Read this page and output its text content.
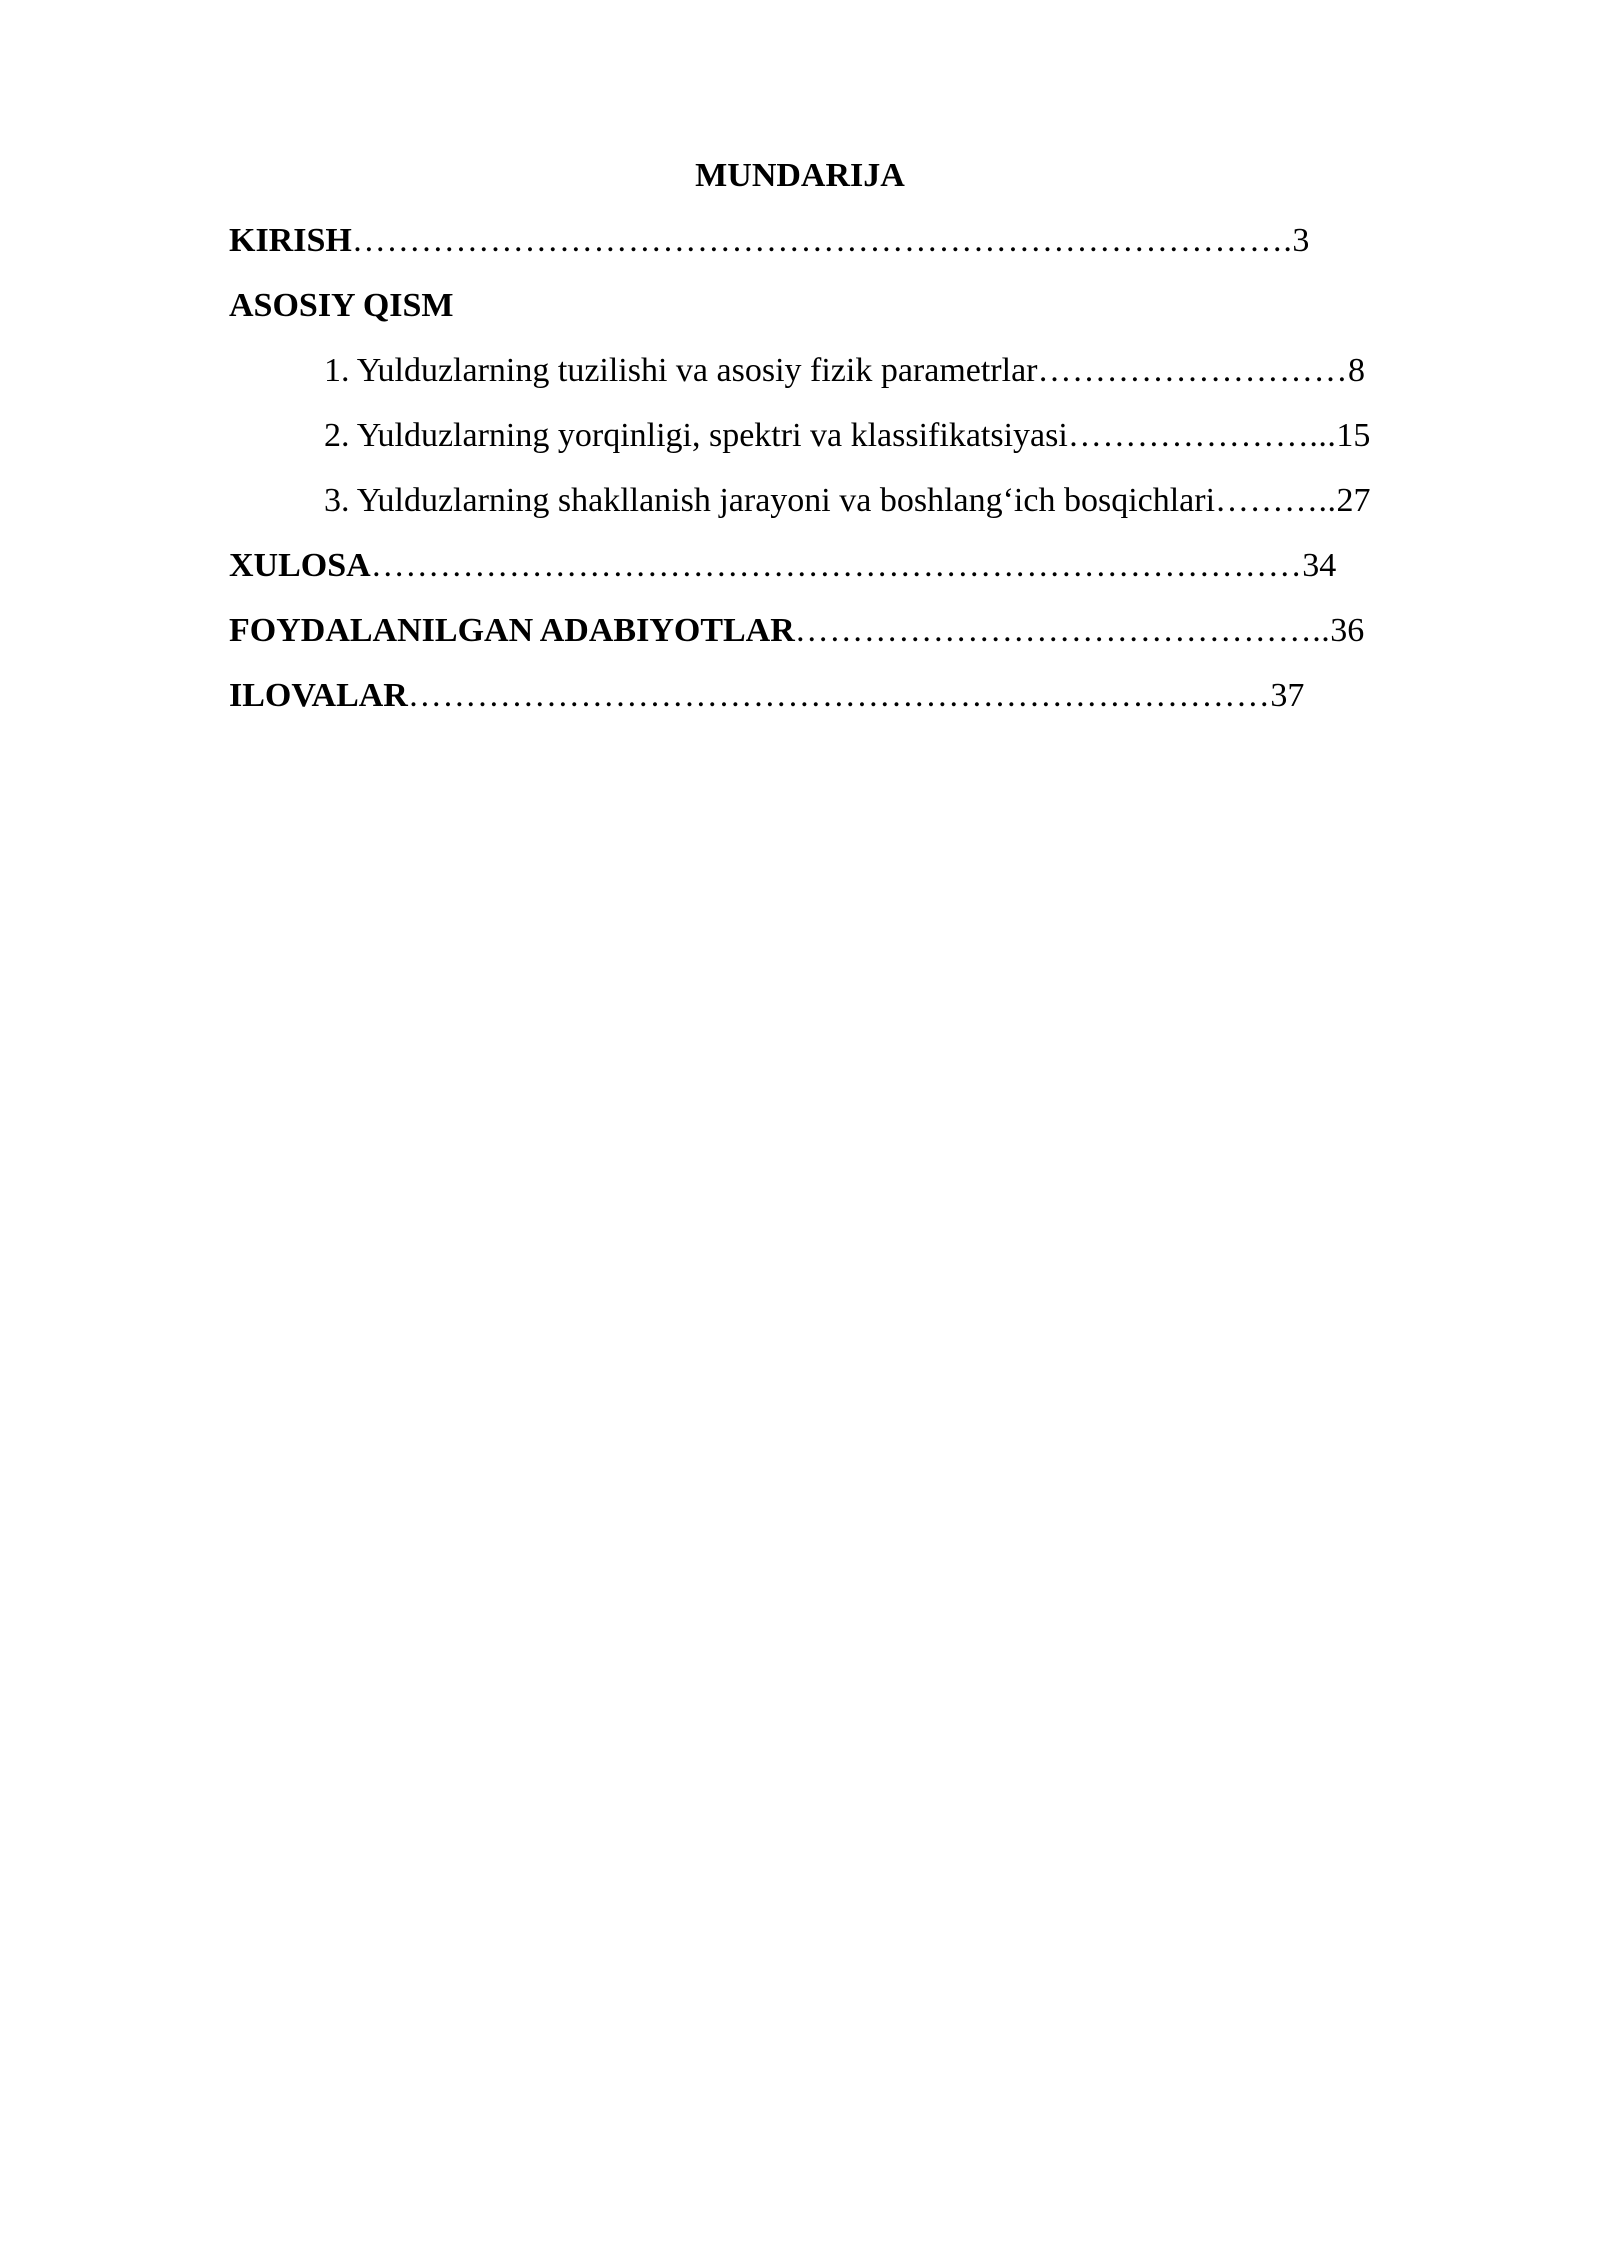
MUNDARIJA
KIRISH……………………………………………………………………….3
ASOSIY QISM
1. Yulduzlarning tuzilishi va asosiy fizik parametrlar………………………8
2. Yulduzlarning yorqinligi, spektri va klassifikatsiyasi…………………...15
3. Yulduzlarning shakllanish jarayoni va boshlang‘ich bosqichlari………..27
XULOSA………………………………………………………………………34
FOYDALANILGAN ADABIYOTLAR………………………………………..36
ILOVALAR…………………………………………………………………37
